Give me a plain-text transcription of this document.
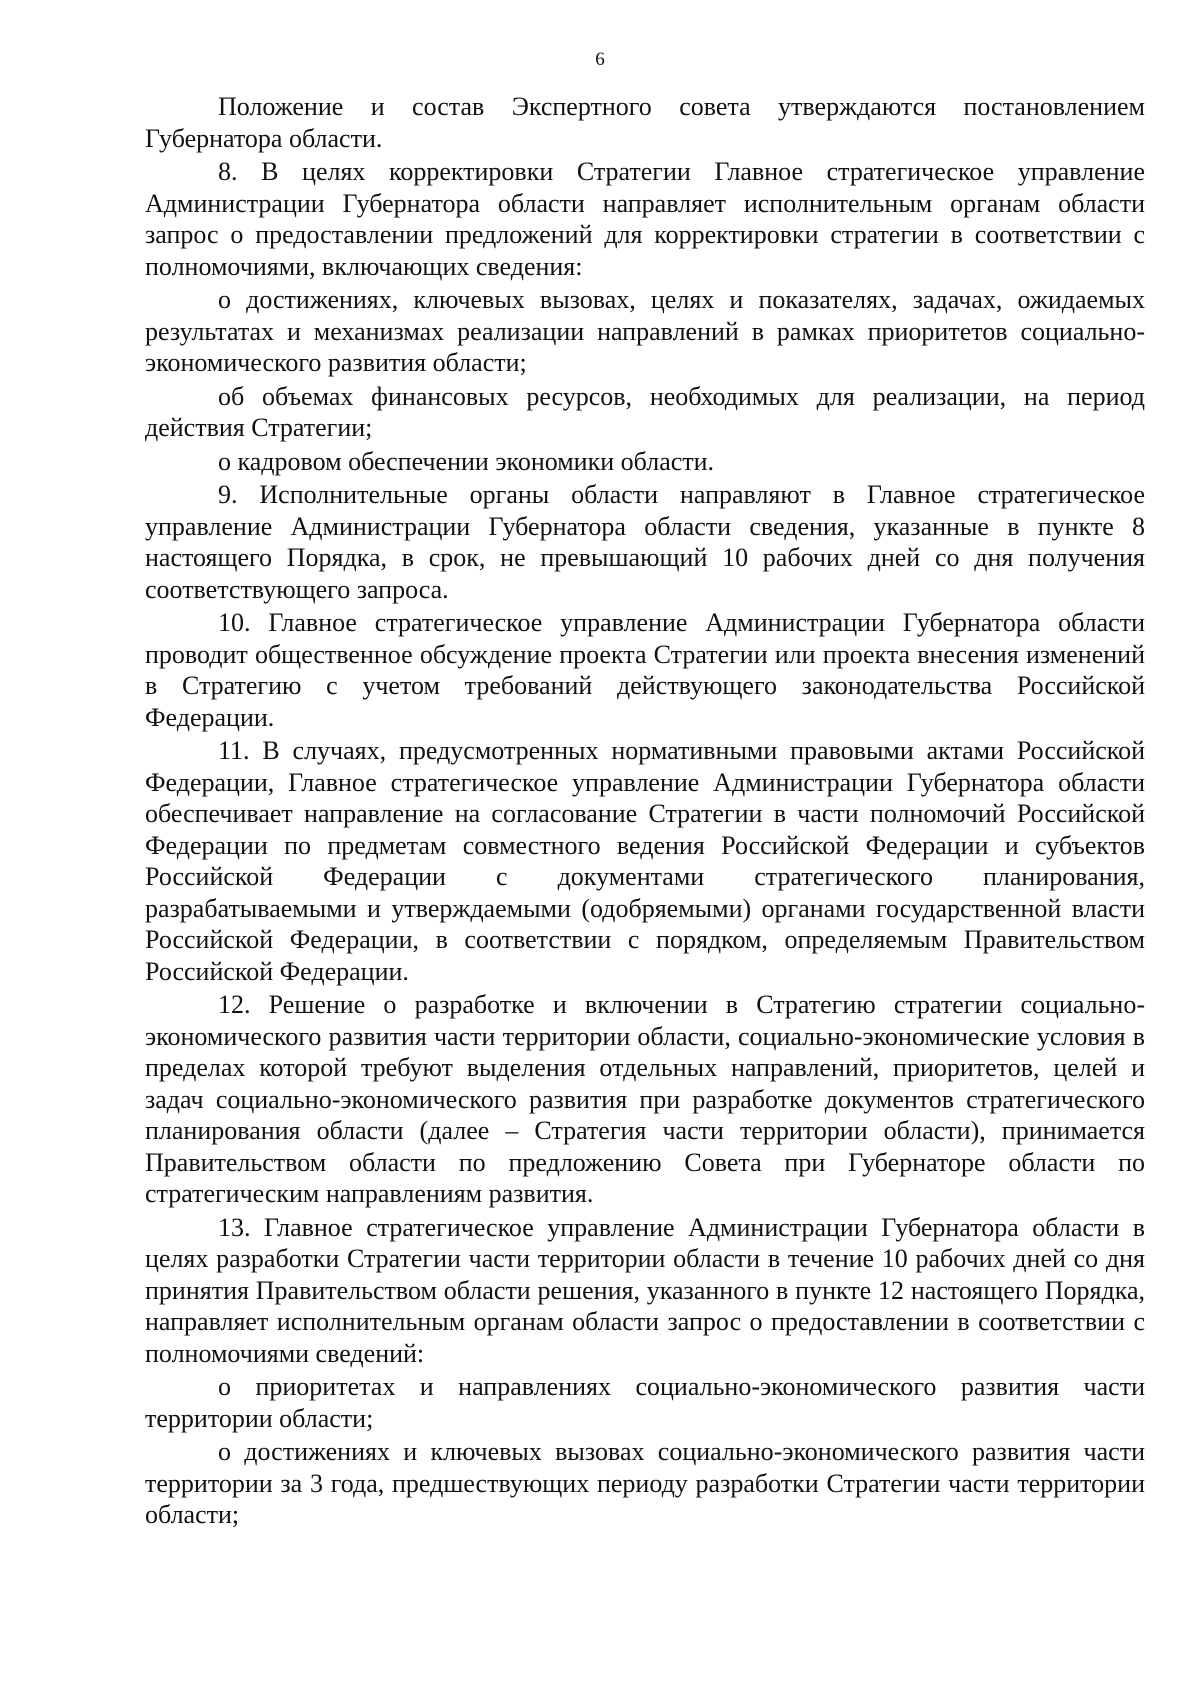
6

Положение и состав Экспертного совета утверждаются постановлением Губернатора области.

8. В целях корректировки Стратегии Главное стратегическое управление Администрации Губернатора области направляет исполнительным органам области запрос о предоставлении предложений для корректировки стратегии в соответствии с полномочиями, включающих сведения:

о достижениях, ключевых вызовах, целях и показателях, задачах, ожидаемых результатах и механизмах реализации направлений в рамках приоритетов социально-экономического развития области;

об объемах финансовых ресурсов, необходимых для реализации, на период действия Стратегии;

о кадровом обеспечении экономики области.

9. Исполнительные органы области направляют в Главное стратегическое управление Администрации Губернатора области сведения, указанные в пункте 8 настоящего Порядка, в срок, не превышающий 10 рабочих дней со дня получения соответствующего запроса.

10. Главное стратегическое управление Администрации Губернатора области проводит общественное обсуждение проекта Стратегии или проекта внесения изменений в Стратегию с учетом требований действующего законодательства Российской Федерации.

11. В случаях, предусмотренных нормативными правовыми актами Российской Федерации, Главное стратегическое управление Администрации Губернатора области обеспечивает направление на согласование Стратегии в части полномочий Российской Федерации по предметам совместного ведения Российской Федерации и субъектов Российской Федерации с документами стратегического планирования, разрабатываемыми и утверждаемыми (одобряемыми) органами государственной власти Российской Федерации, в соответствии с порядком, определяемым Правительством Российской Федерации.

12. Решение о разработке и включении в Стратегию стратегии социально-экономического развития части территории области, социально-экономические условия в пределах которой требуют выделения отдельных направлений, приоритетов, целей и задач социально-экономического развития при разработке документов стратегического планирования области (далее – Стратегия части территории области), принимается Правительством области по предложению Совета при Губернаторе области по стратегическим направлениям развития.

13. Главное стратегическое управление Администрации Губернатора области в целях разработки Стратегии части территории области в течение 10 рабочих дней со дня принятия Правительством области решения, указанного в пункте 12 настоящего Порядка, направляет исполнительным органам области запрос о предоставлении в соответствии с полномочиями сведений:

о приоритетах и направлениях социально-экономического развития части территории области;

о достижениях и ключевых вызовах социально-экономического развития части территории за 3 года, предшествующих периоду разработки Стратегии части территории области;
